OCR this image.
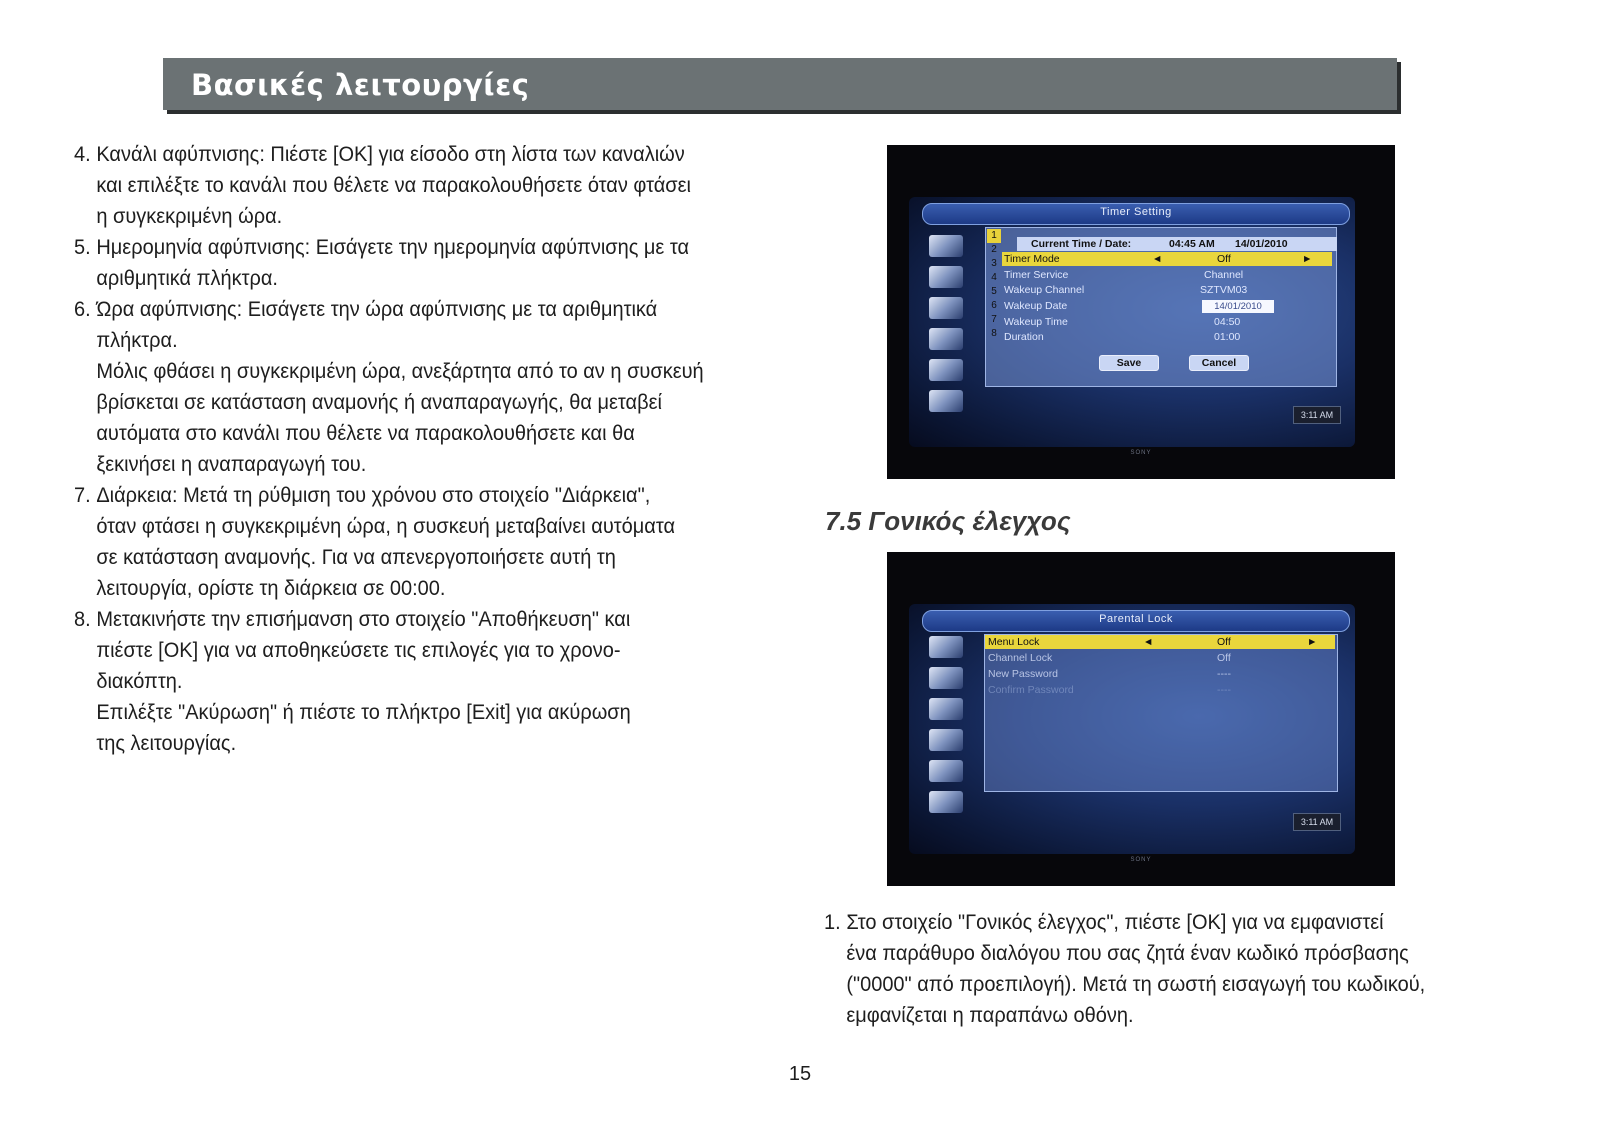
Βασικές λειτουργίες
4. Κανάλι αφύπνισης: Πιέστε [OK] για είσοδο στη λίστα των καναλιών
και επιλέξτε το κανάλι που θέλετε να παρακολουθήσετε όταν φτάσει
η συγκεκριμένη ώρα.
5. Ημερομηνία αφύπνισης: Εισάγετε την ημερομηνία αφύπνισης με τα
αριθμητικά πλήκτρα.
6. Ώρα αφύπνισης: Εισάγετε την ώρα αφύπνισης με τα αριθμητικά
πλήκτρα.
Μόλις φθάσει η συγκεκριμένη ώρα, ανεξάρτητα από το αν η συσκευή
βρίσκεται σε κατάσταση αναμονής ή αναπαραγωγής, θα μεταβεί
αυτόματα στο κανάλι που θέλετε να παρακολουθήσετε και θα
ξεκινήσει η αναπαραγωγή του.
7. Διάρκεια: Μετά τη ρύθμιση του χρόνου στο στοιχείο "Διάρκεια",
όταν φτάσει η συγκεκριμένη ώρα, η συσκευή μεταβαίνει αυτόματα
σε κατάσταση αναμονής. Για να απενεργοποιήσετε αυτή τη
λειτουργία, ορίστε τη διάρκεια σε 00:00.
8. Μετακινήστε την επισήμανση στο στοιχείο "Αποθήκευση" και
πιέστε [OK] για να αποθηκεύσετε τις επιλογές για το χρονο-
διακόπτη.
Επιλέξτε "Ακύρωση" ή πιέστε το πλήκτρο [Exit] για ακύρωση
της λειτουργίας.
Timer Setting
1
2
3
4
5
6
7
8
Current Time / Date:	04:45 AM 14/01/2010
Timer Mode	◄	Off	►
Timer Service	Channel
Wakeup Channel	SZTVM03
Wakeup Date	14/01/2010
Wakeup Time	04:50
Duration	01:00
Save	Cancel
3:11 AM
SONY
7.5 Γονικός έλεγχος
Parental Lock
Menu Lock	◄	Off	►
Channel Lock	Off
New Password	----
Confirm Password	----
3:11 AM
SONY
1. Στο στοιχείο "Γονικός έλεγχος", πιέστε [OK] για να εμφανιστεί
ένα παράθυρο διαλόγου που σας ζητά έναν κωδικό πρόσβασης
("0000" από προεπιλογή). Μετά τη σωστή εισαγωγή του κωδικού,
εμφανίζεται η παραπάνω οθόνη.
15
